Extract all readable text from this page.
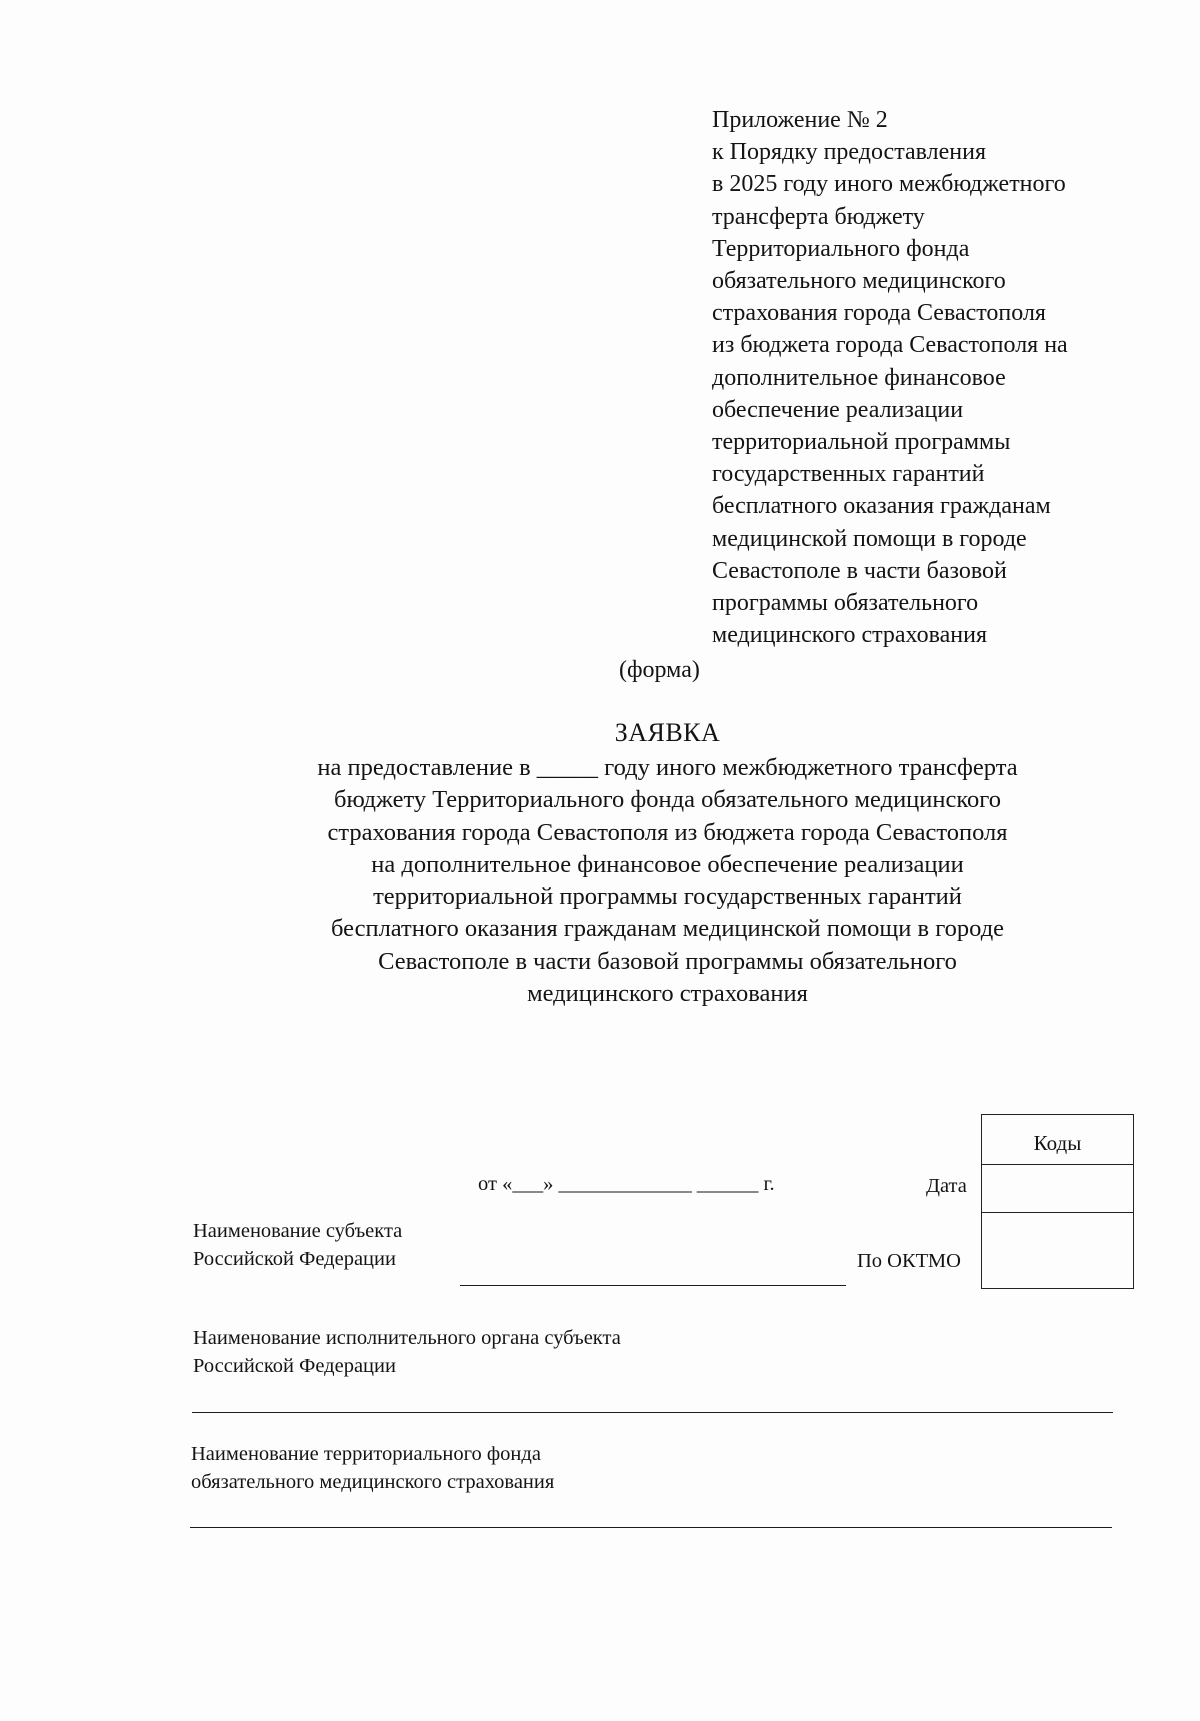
Приложение № 2
к Порядку предоставления
в 2025 году иного межбюджетного
трансферта бюджету
Территориального фонда
обязательного медицинского
страхования города Севастополя
из бюджета города Севастополя на
дополнительное финансовое
обеспечение реализации
территориальной программы
государственных гарантий
бесплатного оказания гражданам
медицинской помощи в городе
Севастополе в части базовой
программы обязательного
медицинского страхования
(форма)
ЗАЯВКА
на предоставление в _____ году иного межбюджетного трансферта
бюджету Территориального фонда обязательного медицинского
страхования города Севастополя из бюджета города Севастополя
на дополнительное финансовое обеспечение реализации
территориальной программы государственных гарантий
бесплатного оказания гражданам медицинской помощи в городе
Севастополе в части базовой программы обязательного
медицинского страхования
Коды
от «___» _____________ ______ г.	Дата
По ОКТМО
Наименование субъекта
Российской Федерации
Наименование исполнительного органа субъекта
Российской Федерации
Наименование территориального фонда
обязательного медицинского страхования
